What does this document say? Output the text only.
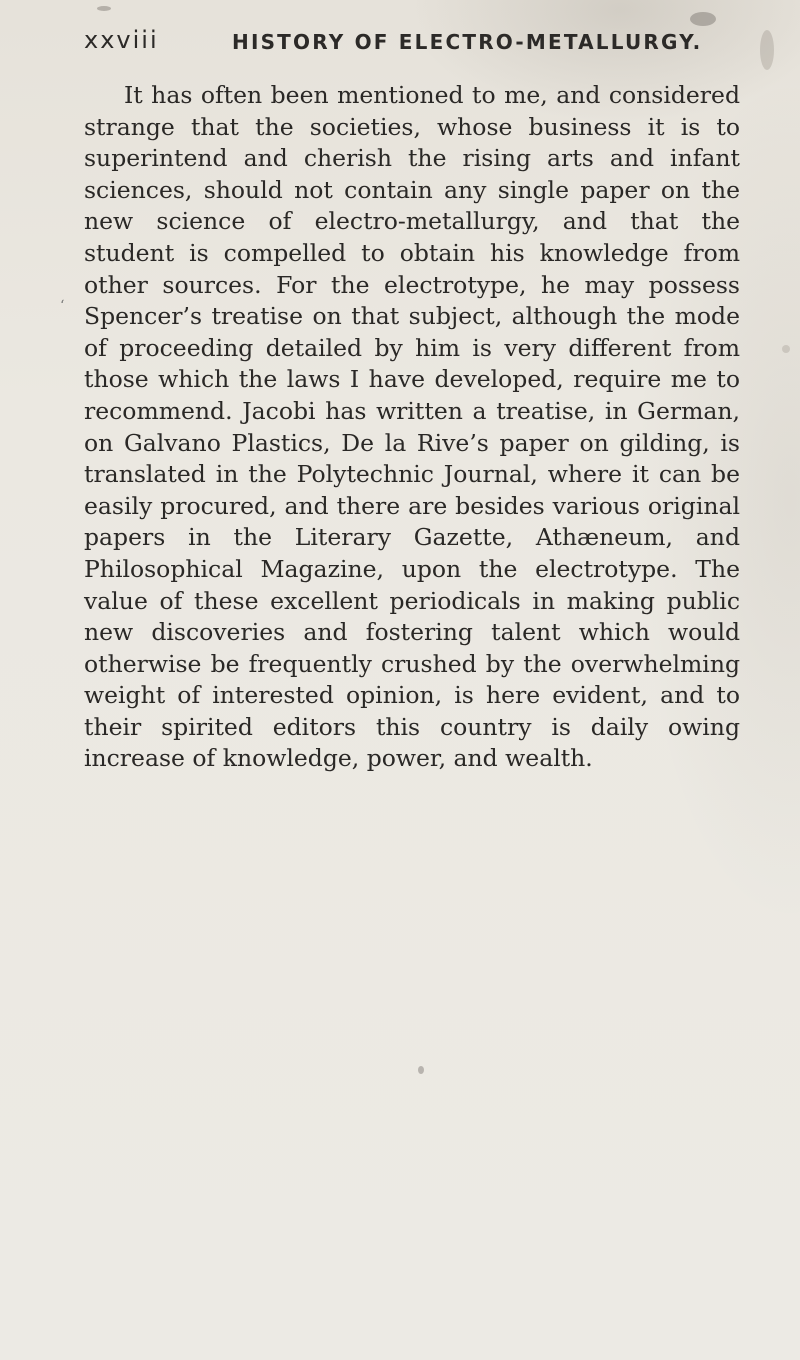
xxviii	HISTORY OF ELECTRO-METALLURGY.

It has often been mentioned to me, and considered strange that the societies, whose business it is to superintend and cherish the rising arts and infant sciences, should not contain any single paper on the new science of electro-metallurgy, and that the student is compelled to obtain his knowledge from other sources. For the electrotype, he may possess Spencer’s treatise on that subject, although the mode of proceeding detailed by him is very different from those which the laws I have developed, require me to recommend. Jacobi has written a treatise, in German, on Galvano Plastics, De la Rive’s paper on gilding, is translated in the Polytechnic Journal, where it can be easily procured, and there are besides various original papers in the Literary Gazette, Athæneum, and Philosophical Magazine, upon the electrotype. The value of these excellent periodicals in making public new discoveries and fostering talent which would otherwise be frequently crushed by the overwhelming weight of interested opinion, is here evident, and to their spirited editors this country is daily owing increase of knowledge, power, and wealth.

‘
